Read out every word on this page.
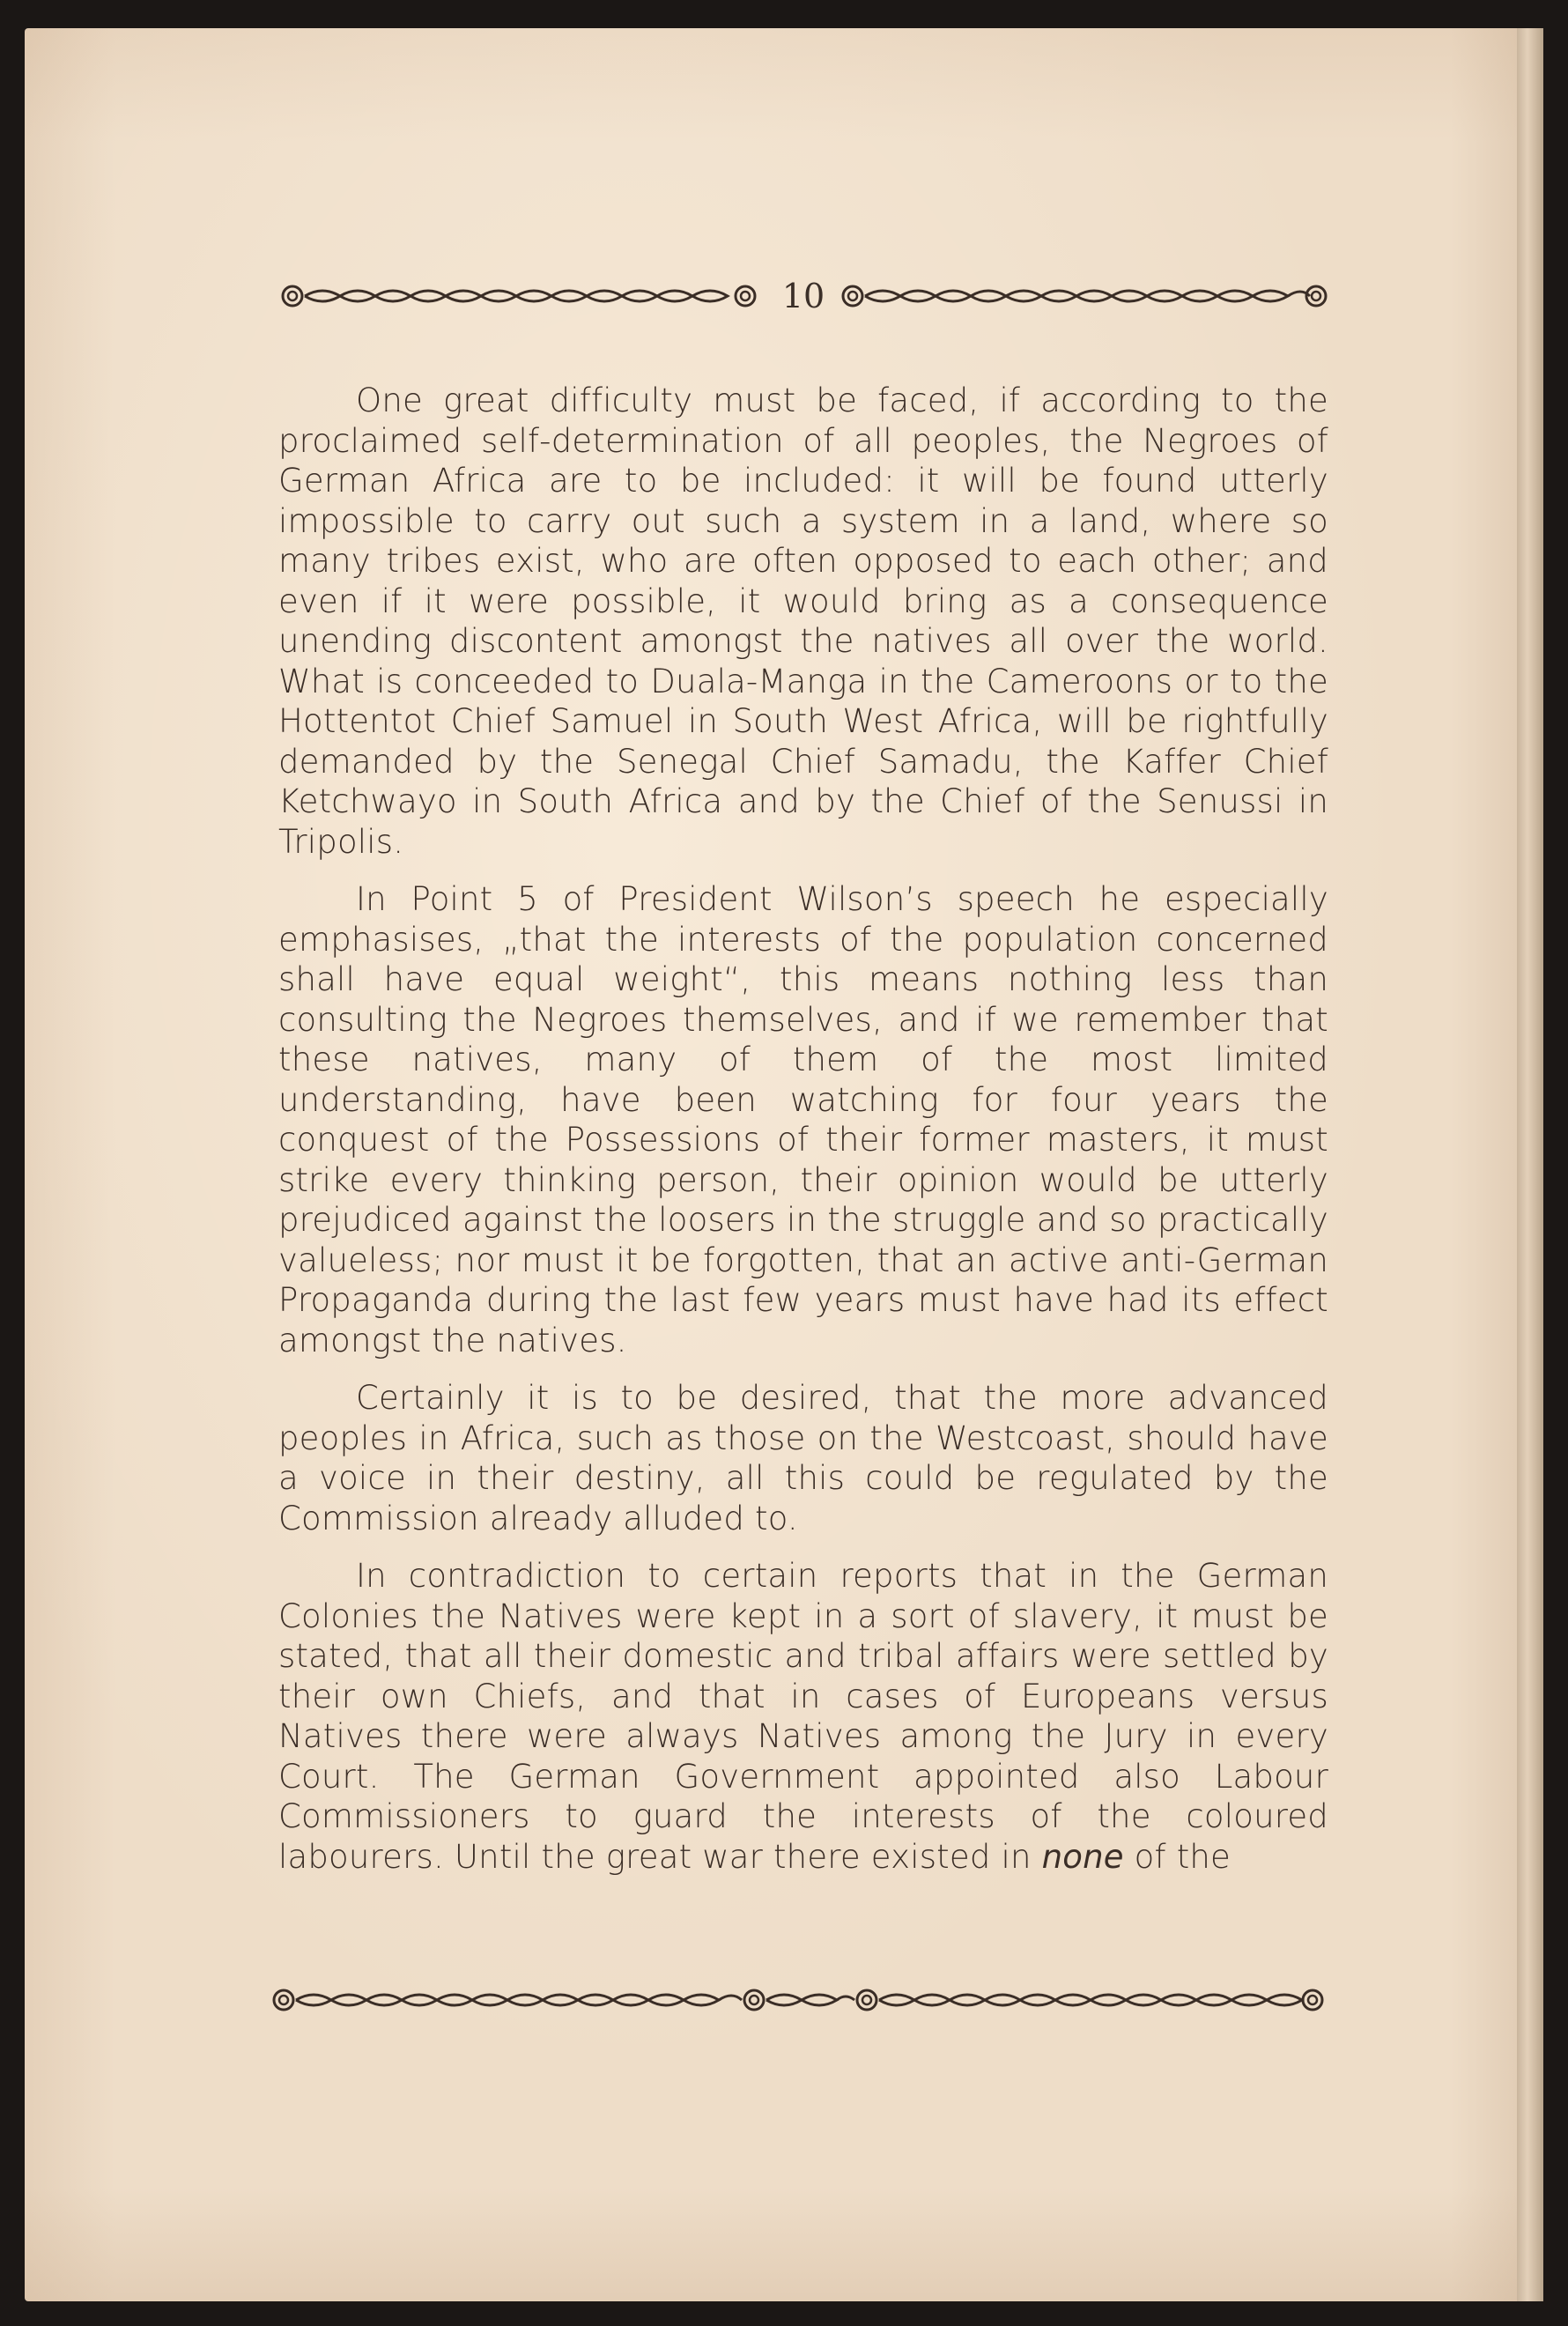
10

One great difficulty must be faced, if according to the proclaimed self-determination of all peoples, the Negroes of German Africa are to be included: it will be found utterly impossible to carry out such a system in a land, where so many tribes exist, who are often opposed to each other; and even if it were possible, it would bring as a consequence unending discontent amongst the natives all over the world. What is conceeded to Duala-Manga in the Cameroons or to the Hottentot Chief Samuel in South West Africa, will be rightfully demanded by the Senegal Chief Samadu, the Kaffer Chief Ketchwayo in South Africa and by the Chief of the Senussi in Tripolis.

In Point 5 of President Wilson’s speech he especially emphasises, „that the interests of the population concerned shall have equal weight“, this means nothing less than consulting the Negroes themselves, and if we remember that these natives, many of them of the most limited understanding, have been watching for four years the conquest of the Possessions of their former masters, it must strike every thinking person, their opinion would be utterly prejudiced against the loosers in the struggle and so practically valueless; nor must it be forgotten, that an active anti-German Propaganda during the last few years must have had its effect amongst the natives.

Certainly it is to be desired, that the more advanced peoples in Africa, such as those on the Westcoast, should have a voice in their destiny, all this could be regulated by the Commission already alluded to.

In contradiction to certain reports that in the German Colonies the Natives were kept in a sort of slavery, it must be stated, that all their domestic and tribal affairs were settled by their own Chiefs, and that in cases of Europeans versus Natives there were always Natives among the Jury in every Court. The German Government appointed also Labour Commissioners to guard the interests of the coloured labourers. Until the great war there existed in none of the
